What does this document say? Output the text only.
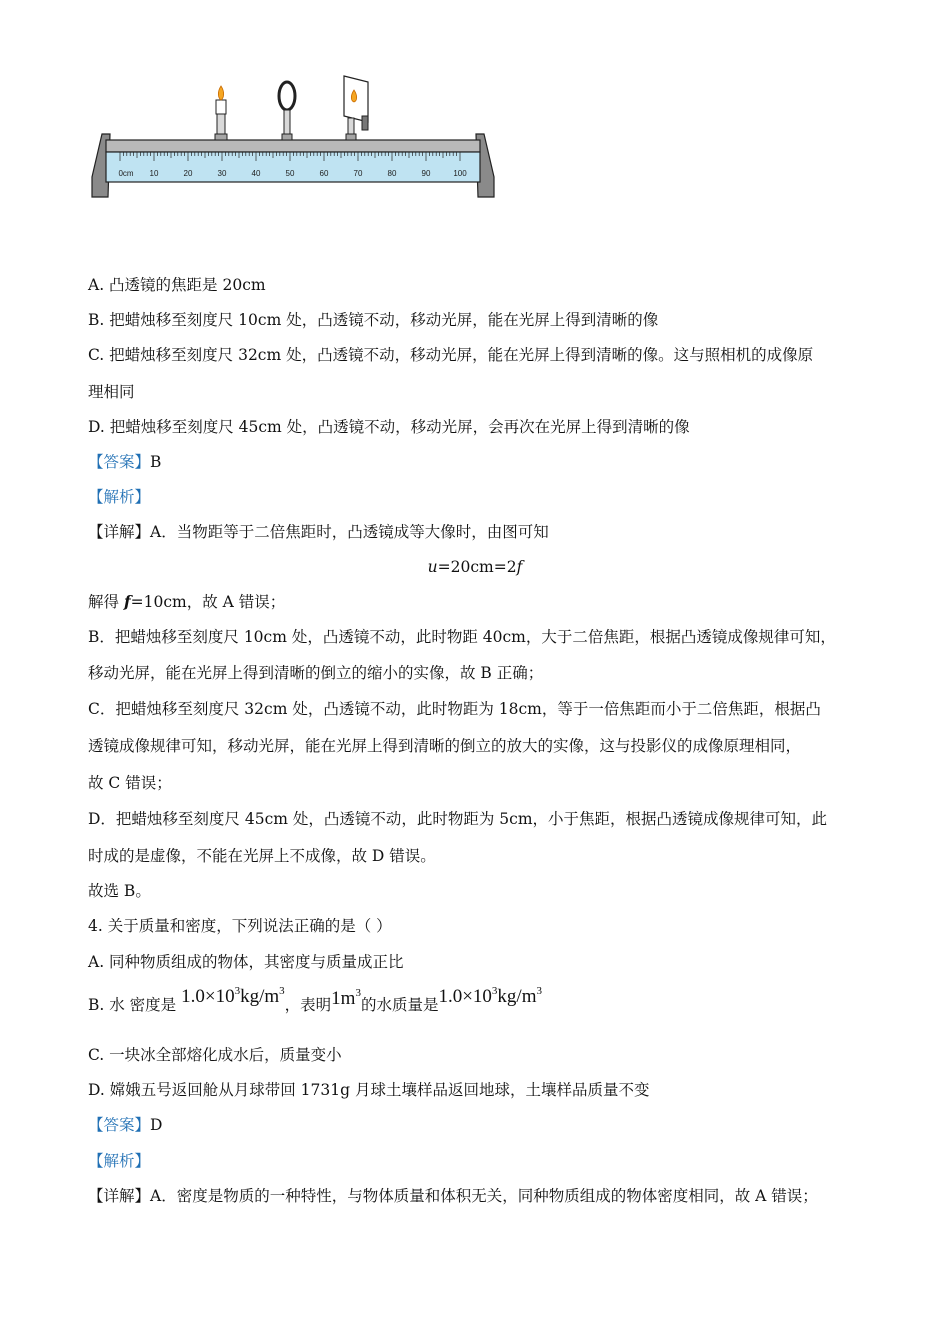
0cm 10	20	30	40	50	60	70	80	90	100
A. 凸透镜的焦距是 20cm
B. 把蜡烛移至刻度尺 10cm 处，凸透镜不动，移动光屏，能在光屏上得到清晰的像
C. 把蜡烛移至刻度尺 32cm 处，凸透镜不动，移动光屏，能在光屏上得到清晰的像。这与照相机的成像原
理相同
D. 把蜡烛移至刻度尺 45cm 处，凸透镜不动，移动光屏，会再次在光屏上得到清晰的像
【答案】B
【解析】
【详解】A．当物距等于二倍焦距时，凸透镜成等大像时，由图可知
u=20cm=2f
解得 f=10cm，故 A 错误；
B．把蜡烛移至刻度尺 10cm 处，凸透镜不动，此时物距 40cm，大于二倍焦距，根据凸透镜成像规律可知，
移动光屏，能在光屏上得到清晰的倒立的缩小的实像，故 B 正确；
C．把蜡烛移至刻度尺 32cm 处，凸透镜不动，此时物距为 18cm，等于一倍焦距而小于二倍焦距，根据凸
透镜成像规律可知，移动光屏，能在光屏上得到清晰的倒立的放大的实像，这与投影仪的成像原理相同，
故 C 错误；
D．把蜡烛移至刻度尺 45cm 处，凸透镜不动，此时物距为 5cm，小于焦距，根据凸透镜成像规律可知，此
时成的是虚像，不能在光屏上不成像，故 D 错误。
故选 B。
4. 关于质量和密度，下列说法正确的是（ ）
A. 同种物质组成的物体，其密度与质量成正比
B. 水 密度是 $1.0\times 10^3kg/m^3$，表明$1m^3$的水质量是$1.0\times 10^3kg/m^3$
C. 一块冰全部熔化成水后，质量变小
D. 嫦娥五号返回舱从月球带回 1731g 月球土壤样品返回地球，土壤样品质量不变
【答案】D
【解析】
【详解】A．密度是物质的一种特性，与物体质量和体积无关，同种物质组成的物体密度相同，故 A 错误；
